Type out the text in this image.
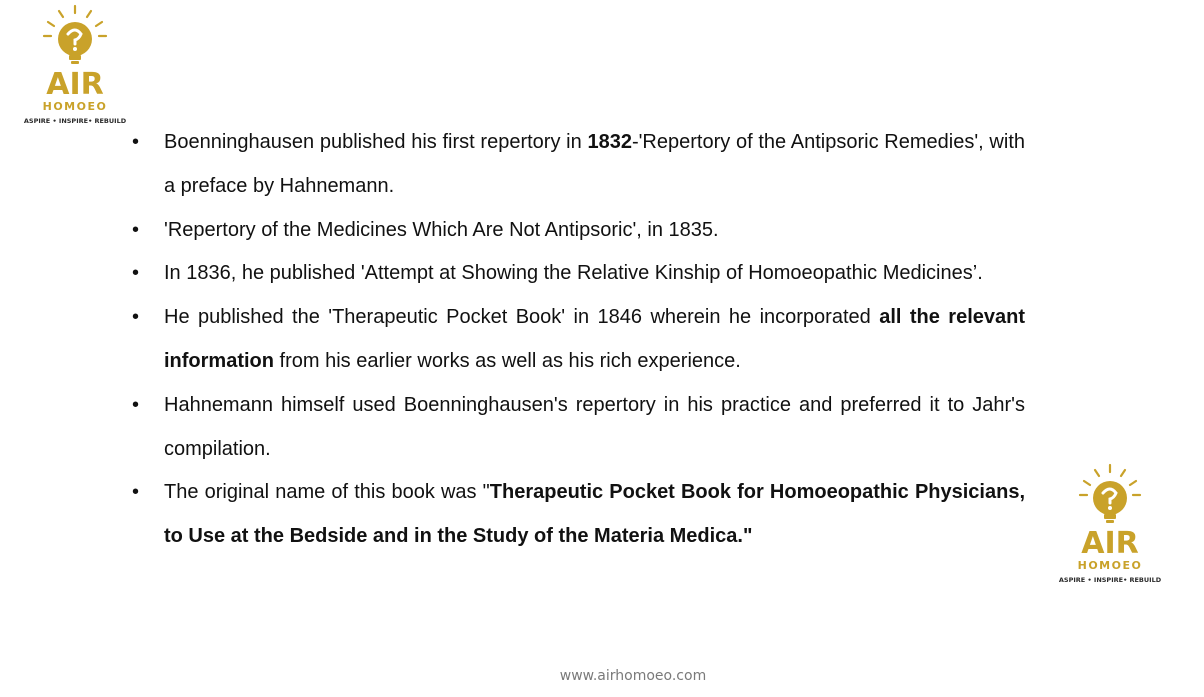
AIR
HOMOEO
ASPIRE • INSPIRE• REBUILD
• Boenninghausen published his first repertory in 1832-'Repertory of the Antipsoric Remedies', with a preface by Hahnemann.
• 'Repertory of the Medicines Which Are Not Antipsoric', in 1835.
• In 1836, he published 'Attempt at Showing the Relative Kinship of Homoeopathic Medicines’.
• He published the 'Therapeutic Pocket Book' in 1846 wherein he incorporated all the relevant information from his earlier works as well as his rich experience.
• Hahnemann himself used Boenninghausen's repertory in his practice and preferred it to Jahr's compilation.
• The original name of this book was "Therapeutic Pocket Book for Homoeopathic Physicians, to Use at the Bedside and in the Study of the Materia Medica."	AIR
HOMOEO
ASPIRE • INSPIRE• REBUILD
www.airhomoeo.com
